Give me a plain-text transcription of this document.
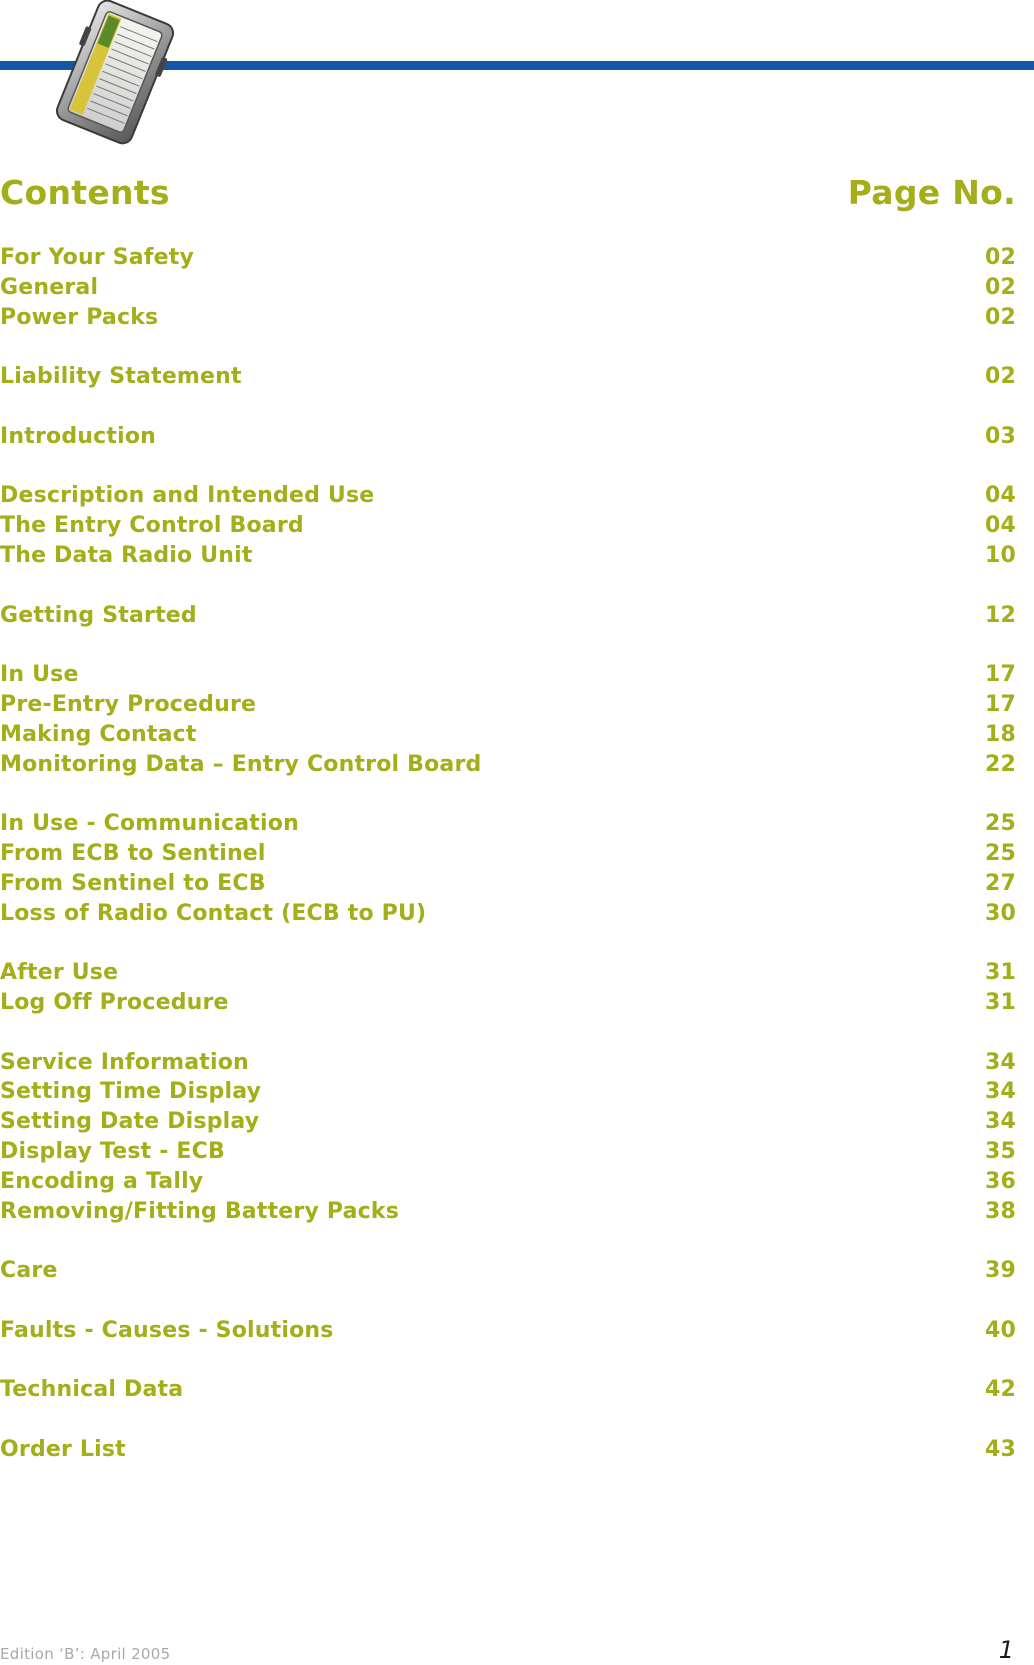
Contents	Page No.
For Your Safety	02
General	02
Power Packs	02
Liability Statement	02
Introduction	03
Description and Intended Use	04
The Entry Control Board	04
The Data Radio Unit	10
Getting Started	12
In Use	17
Pre-Entry Procedure	17
Making Contact	18
Monitoring Data – Entry Control Board	22
In Use - Communication	25
From ECB to Sentinel	25
From Sentinel to ECB	27
Loss of Radio Contact (ECB to PU)	30
After Use	31
Log Off Procedure	31
Service Information	34
Setting Time Display	34
Setting Date Display	34
Display Test - ECB	35
Encoding a Tally	36
Removing/Fitting Battery Packs	38
Care	39
Faults - Causes - Solutions	40
Technical Data	42
Order List	43
Edition ‘B’: April 2005	1
